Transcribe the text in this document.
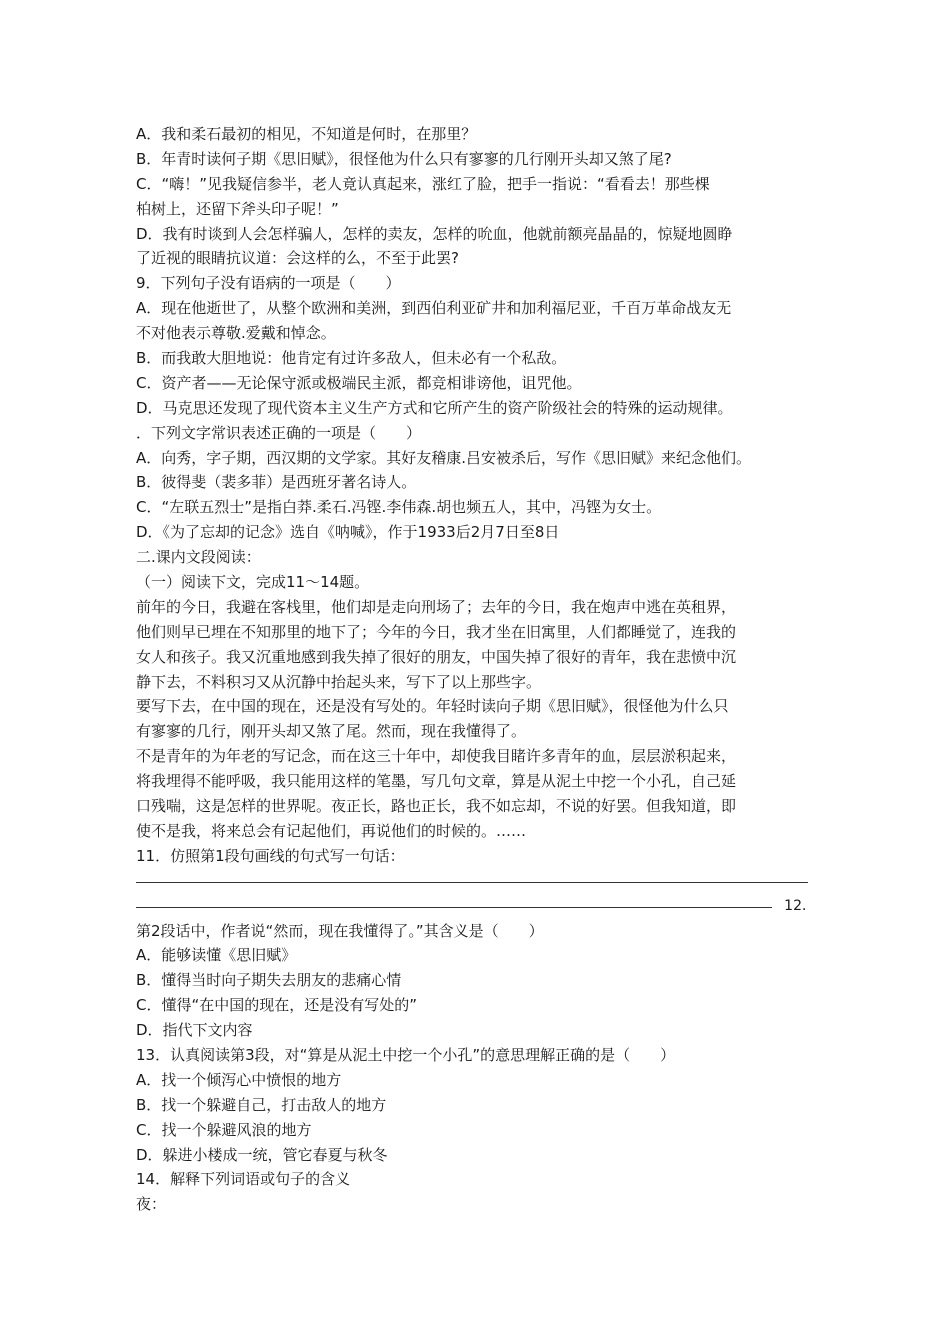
A．我和柔石最初的相见，不知道是何时，在那里？
B．年青时读何子期《思旧赋》，很怪他为什么只有寥寥的几行刚开头却又煞了尾?
C．“嗨！”见我疑信参半，老人竟认真起来，涨红了脸，把手一指说：“看看去！那些棵
柏树上，还留下斧头印子呢！”
D．我有时谈到人会怎样骗人，怎样的卖友，怎样的吮血，他就前额亮晶晶的，惊疑地圆睁
了近视的眼睛抗议道：会这样的么，不至于此罢?
9．下列句子没有语病的一项是（　　）
A．现在他逝世了，从整个欧洲和美洲，到西伯利亚矿井和加利福尼亚，千百万革命战友无
不对他表示尊敬.爱戴和悼念。
B．而我敢大胆地说：他肯定有过许多敌人，但未必有一个私敌。
C．资产者——无论保守派或极端民主派，都竞相诽谤他，诅咒他。
D．马克思还发现了现代资本主义生产方式和它所产生的资产阶级社会的特殊的运动规律。
．下列文字常识表述正确的一项是（　　）
A．向秀，字子期，西汉期的文学家。其好友稽康.吕安被杀后，写作《思旧赋》来纪念他们。
B．彼得斐（裴多菲）是西班牙著名诗人。
C．“左联五烈士”是指白莽.柔石.冯铿.李伟森.胡也频五人，其中，冯铿为女士。
D．《为了忘却的记念》选自《呐喊》，作于1933后2月7日至8日
二.课内文段阅读：
（一）阅读下文，完成11～14题。
前年的今日，我避在客栈里，他们却是走向刑场了；去年的今日，我在炮声中逃在英租界，
他们则早已埋在不知那里的地下了；今年的今日，我才坐在旧寓里，人们都睡觉了，连我的
女人和孩子。我又沉重地感到我失掉了很好的朋友，中国失掉了很好的青年，我在悲愤中沉
静下去，不料积习又从沉静中抬起头来，写下了以上那些字。
要写下去，在中国的现在，还是没有写处的。年轻时读向子期《思旧赋》，很怪他为什么只
有寥寥的几行，刚开头却又煞了尾。然而，现在我懂得了。
不是青年的为年老的写记念，而在这三十年中，却使我目睹许多青年的血，层层淤积起来，
将我埋得不能呼吸，我只能用这样的笔墨，写几句文章，算是从泥土中挖一个小孔，自己延
口残喘，这是怎样的世界呢。夜正长，路也正长，我不如忘却，不说的好罢。但我知道，即
使不是我，将来总会有记起他们，再说他们的时候的。……
11．仿照第1段句画线的句式写一句话：
12．
第2段话中，作者说“然而，现在我懂得了。”其含义是（　　）
A．能够读懂《思旧赋》
B．懂得当时向子期失去朋友的悲痛心情
C．懂得“在中国的现在，还是没有写处的”
D．指代下文内容
13．认真阅读第3段，对“算是从泥土中挖一个小孔”的意思理解正确的是（　　）
A．找一个倾泻心中愤恨的地方
B．找一个躲避自己，打击敌人的地方
C．找一个躲避风浪的地方
D．躲进小楼成一统，管它春夏与秋冬
14．解释下列词语或句子的含义
夜：
